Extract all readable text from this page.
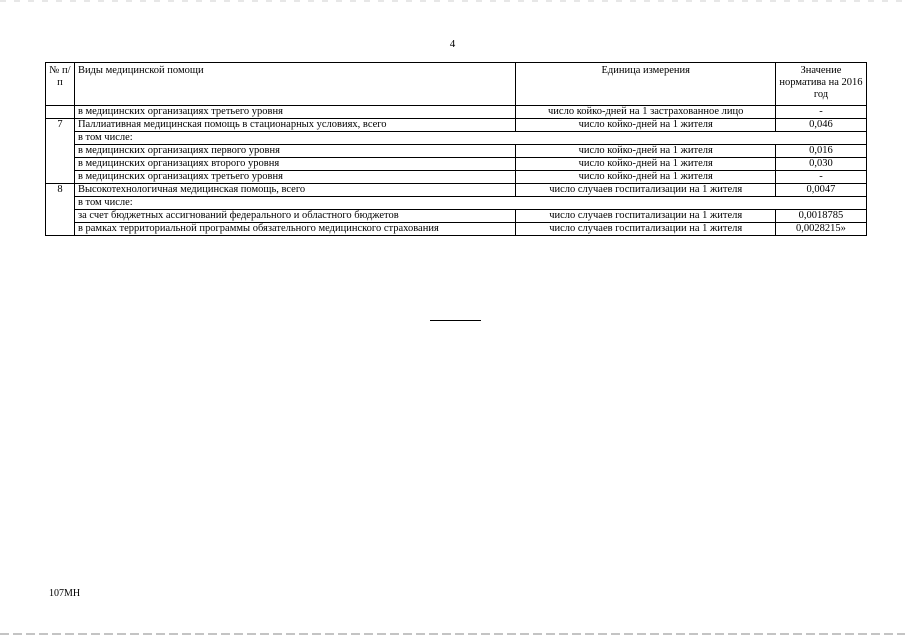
4
№ п/п	Виды медицинской помощи	Единица измерения	Значение норматива на 2016 год
	в медицинских организациях третьего уровня	число койко-дней на 1 застрахованное лицо	-
7	Паллиативная медицинская помощь в стационарных условиях, всего	число койко-дней на 1 жителя	0,046
	в том числе:		
	в медицинских организациях первого уровня	число койко-дней на 1 жителя	0,016
	в медицинских организациях второго уровня	число койко-дней на 1 жителя	0,030
	в медицинских организациях третьего уровня	число койко-дней на 1 жителя	-
8	Высокотехнологичная медицинская помощь, всего	число случаев госпитализации на 1 жителя	0,0047
	в том числе:		
	за счет бюджетных ассигнований федерального и областного бюджетов	число случаев госпитализации на 1 жителя	0,0018785
	в рамках территориальной программы обязательного медицинского страхования	число случаев госпитализации на 1 жителя	0,0028215»
107МН
